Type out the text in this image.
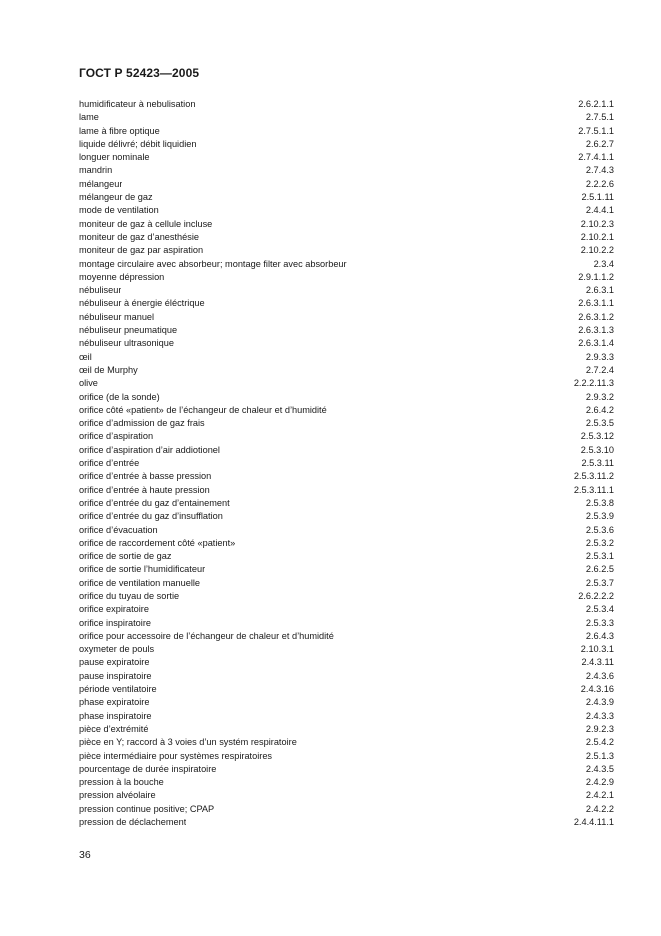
ГОСТ Р 52423—2005
humidificateur à nebulisation	2.6.2.1.1
lame	2.7.5.1
lame à fibre optique	2.7.5.1.1
liquide délivré; débit liquidien	2.6.2.7
longuer nominale	2.7.4.1.1
mandrin	2.7.4.3
mélangeur	2.2.2.6
mélangeur de gaz	2.5.1.11
mode de ventilation	2.4.4.1
moniteur de gaz à cellule incluse	2.10.2.3
moniteur de gaz d’anesthésie	2.10.2.1
moniteur de gaz par aspiration	2.10.2.2
montage circulaire avec absorbeur; montage filter avec absorbeur	2.3.4
moyenne dépression	2.9.1.1.2
nébuliseur	2.6.3.1
nébuliseur à énergie éléctrique	2.6.3.1.1
nébuliseur manuel	2.6.3.1.2
nébuliseur pneumatique	2.6.3.1.3
nébuliseur ultrasonique	2.6.3.1.4
œil	2.9.3.3
œil de Murphy	2.7.2.4
olive	2.2.2.11.3
orifice (de la sonde)	2.9.3.2
orifice côté «patient» de l’échangeur de chaleur et d’humidité	2.6.4.2
orifice d’admission de gaz frais	2.5.3.5
orifice d’aspiration	2.5.3.12
orifice d’aspiration d’air addiotionel	2.5.3.10
orifice d’entrée	2.5.3.11
orifice d’entrée à basse pression	2.5.3.11.2
orifice d’entrée à haute pression	2.5.3.11.1
orifice d’entrée du gaz d’entainement	2.5.3.8
orifice d’entrée du gaz d’insufflation	2.5.3.9
orifice d’évacuation	2.5.3.6
orifice de raccordement côté «patient»	2.5.3.2
orifice de sortie de gaz	2.5.3.1
orifice de sortie l’humidificateur	2.6.2.5
orifice de ventilation manuelle	2.5.3.7
orifice du tuyau de sortie	2.6.2.2.2
orifice expiratoire	2.5.3.4
orifice inspiratoire	2.5.3.3
orifice pour accessoire de l’échangeur de chaleur et d’humidité	2.6.4.3
oxymeter de pouls	2.10.3.1
pause expiratoire	2.4.3.11
pause inspiratoire	2.4.3.6
période ventilatoire	2.4.3.16
phase expiratoire	2.4.3.9
phase inspiratoire	2.4.3.3
pièce d’extrémité	2.9.2.3
pièce en Y; raccord à 3 voies d’un systém respiratoire	2.5.4.2
pièce intermédiaire pour systèmes respiratoires	2.5.1.3
pourcentage de durée inspiratoire	2.4.3.5
pression à la bouche	2.4.2.9
pression alvéolaire	2.4.2.1
pression continue positive; CPAP	2.4.2.2
pression de déclachement	2.4.4.11.1
36
